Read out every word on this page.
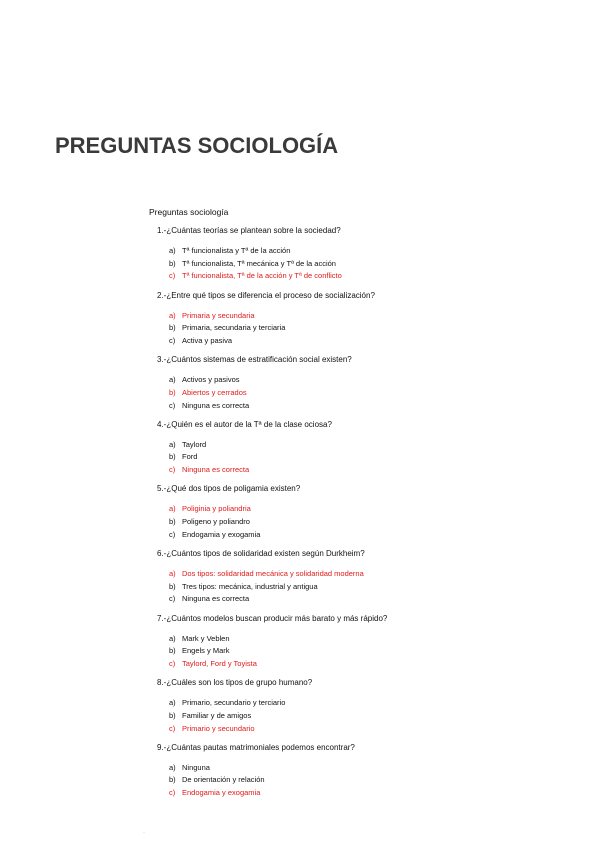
PREGUNTAS SOCIOLOGÍA

Preguntas sociología

1.-¿Cuántas teorías se plantean sobre la sociedad?
a) Tª funcionalista y Tª de la acción
b) Tª funcionalista, Tª mecánica y Tª de la acción
c) Tª funcionalista, Tª de la acción y Tª de conflicto
2.-¿Entre qué tipos se diferencia el proceso de socialización?
a) Primaria y secundaria
b) Primaria, secundaria y terciaria
c) Activa y pasiva
3.-¿Cuántos sistemas de estratificación social existen?
a) Activos y pasivos
b) Abiertos y cerrados
c) Ninguna es correcta
4.-¿Quién es el autor de la Tª de la clase ociosa?
a) Taylord
b) Ford
c) Ninguna es correcta
5.-¿Qué dos tipos de poligamia existen?
a) Poliginia y poliandria
b) Poligeno y poliandro
c) Endogamia y exogamia
6.-¿Cuántos tipos de solidaridad existen según Durkheim?
a) Dos tipos: solidaridad mecánica y solidaridad moderna
b) Tres tipos: mecánica, industrial y antigua
c) Ninguna es correcta
7.-¿Cuántos modelos buscan producir más barato y más rápido?
a) Mark y Veblen
b) Engels y Mark
c) Taylord, Ford y Toyista
8.-¿Cuáles son los tipos de grupo humano?
a) Primario, secundario y terciario
b) Familiar y de amigos
c) Primario y secundario
9.-¿Cuántas pautas matrimoniales podemos encontrar?
a) Ninguna
b) De orientación y relación
c) Endogamia y exogamia
·
